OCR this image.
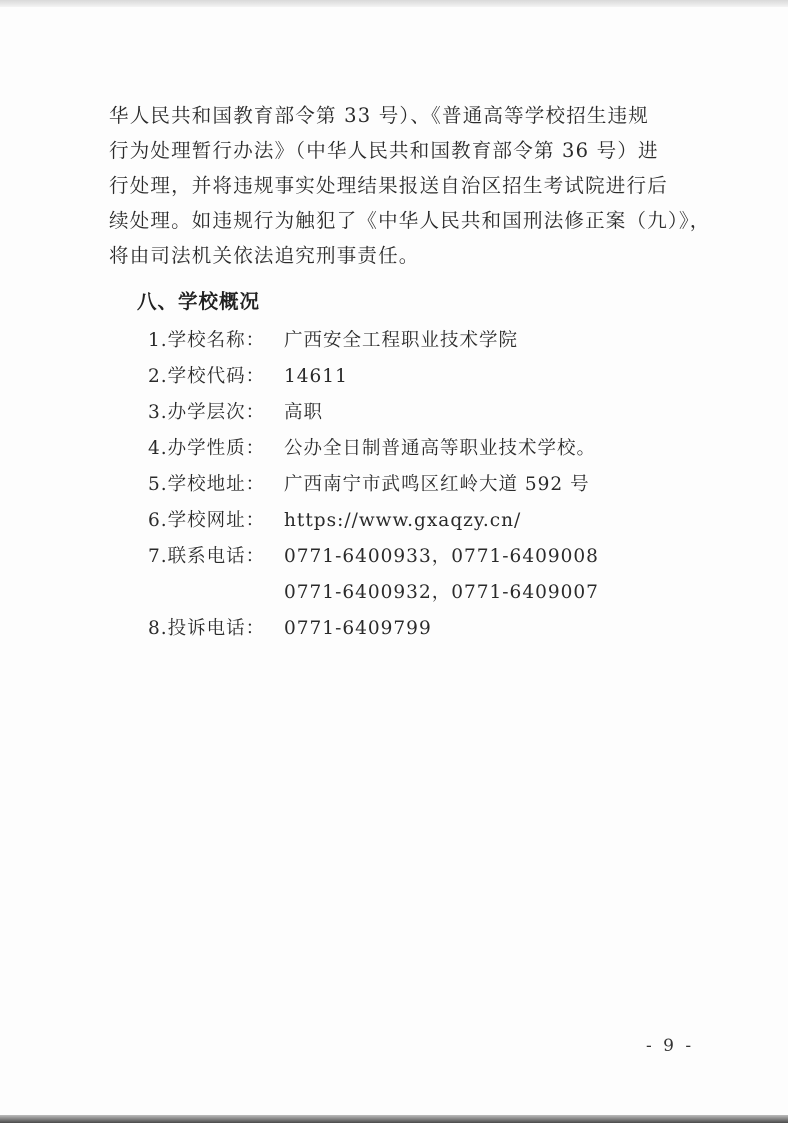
华人民共和国教育部令第 33 号）、《普通高等学校招生违规
行为处理暂行办法》（中华人民共和国教育部令第 36 号）进
行处理，并将违规事实处理结果报送自治区招生考试院进行后
续处理。如违规行为触犯了《中华人民共和国刑法修正案（九）》，
将由司法机关依法追究刑事责任。
八、学校概况
1.学校名称：	广西安全工程职业技术学院
2.学校代码：	14611
3.办学层次：	高职
4.办学性质：	公办全日制普通高等职业技术学校。
5.学校地址：	广西南宁市武鸣区红岭大道 592 号
6.学校网址：	https://www.gxaqzy.cn/
7.联系电话：	0771-6400933，0771-6409008
0771-6400932，0771-6409007
8.投诉电话：	0771-6409799
- 9 -
